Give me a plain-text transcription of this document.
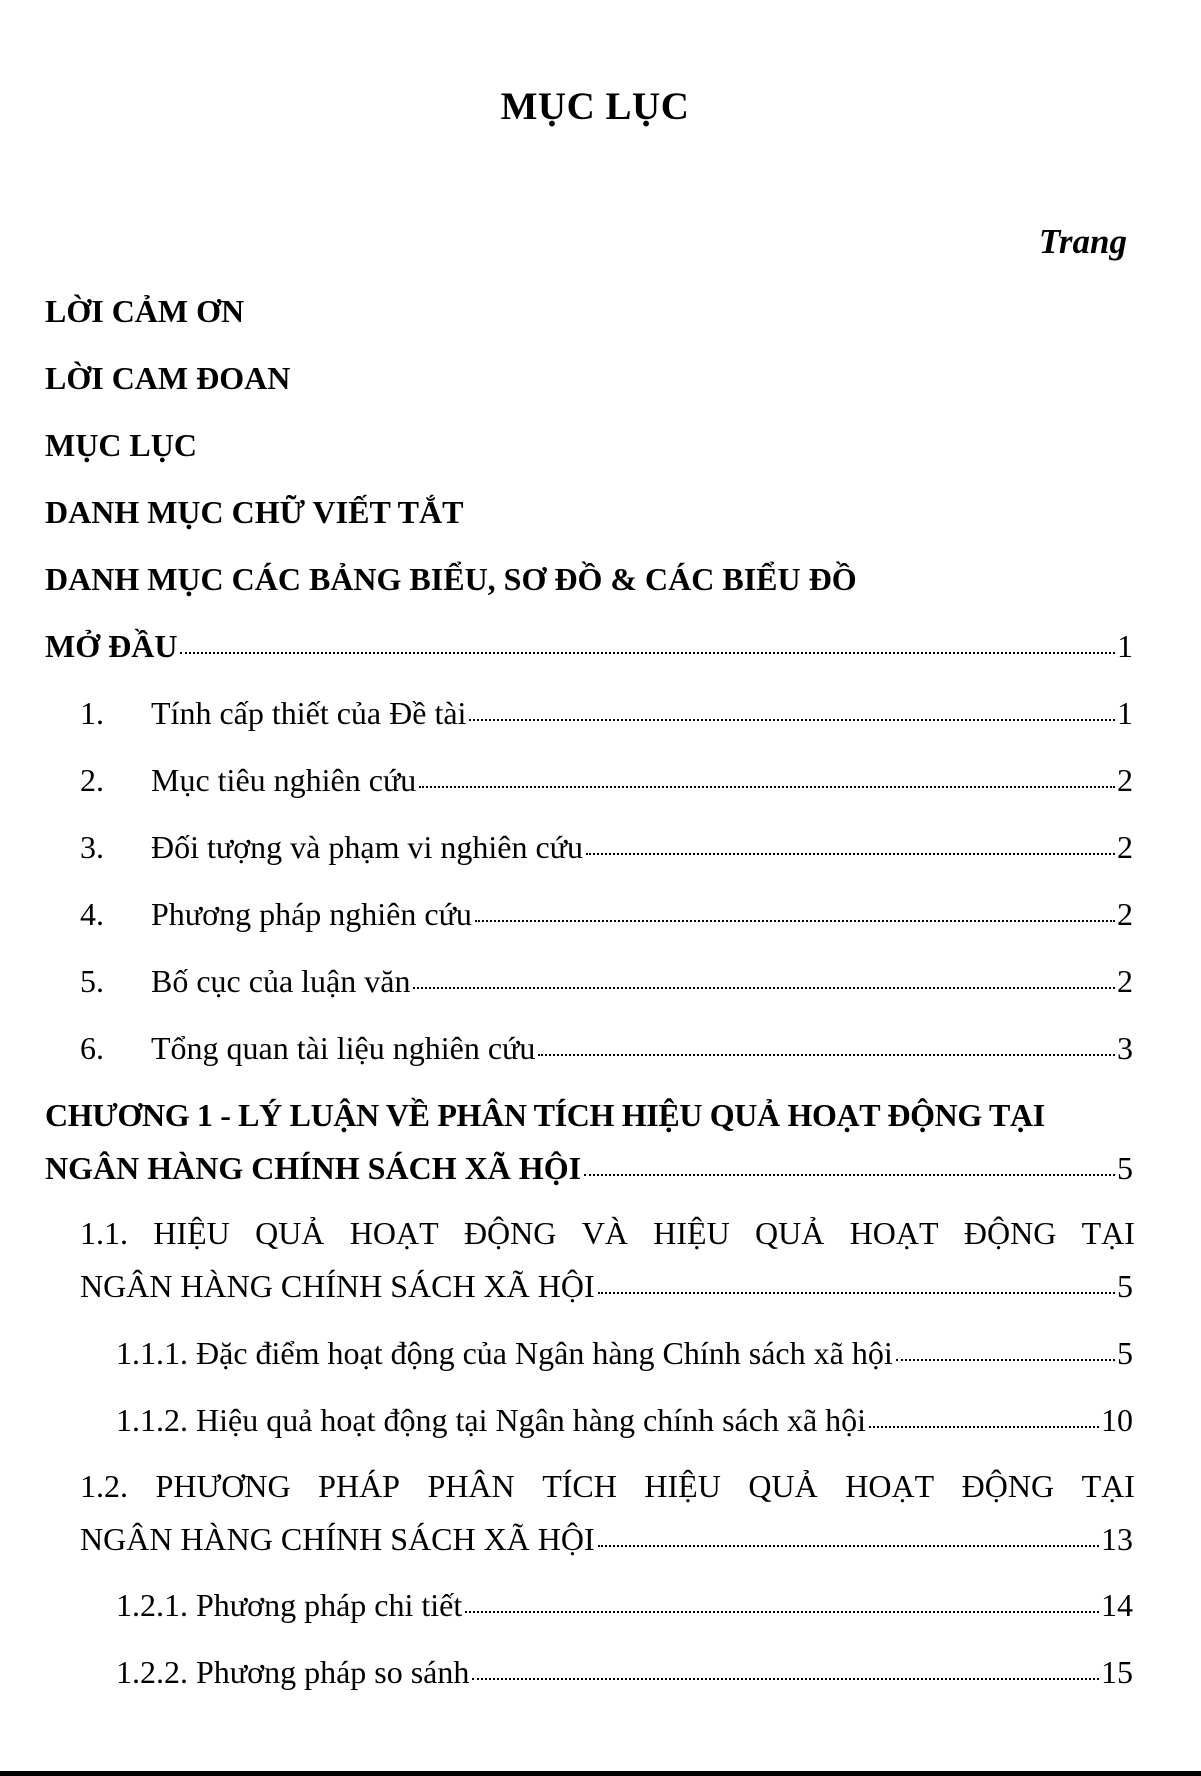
MỤC LỤC
Trang
LỜI CẢM ƠN
LỜI CAM ĐOAN
MỤC LỤC
DANH MỤC CHỮ VIẾT TẮT
DANH MỤC CÁC BẢNG BIỂU, SƠ ĐỒ & CÁC BIỂU ĐỒ
MỞ ĐẦU	1
1.	Tính cấp thiết của Đề tài	1
2.	Mục tiêu nghiên cứu	2
3.	Đối tượng và phạm vi nghiên cứu	2
4.	Phương pháp nghiên cứu	2
5.	Bố cục của luận văn	2
6.	Tổng quan tài liệu nghiên cứu	3
CHƯƠNG 1 - LÝ LUẬN VỀ PHÂN TÍCH HIỆU QUẢ HOẠT ĐỘNG TẠI
NGÂN HÀNG CHÍNH SÁCH XÃ HỘI	5
1.1. HIỆU QUẢ HOẠT ĐỘNG VÀ HIỆU QUẢ HOẠT ĐỘNG TẠI
NGÂN HÀNG CHÍNH SÁCH XÃ HỘI	5
1.1.1. Đặc điểm hoạt động của Ngân hàng Chính sách xã hội	5
1.1.2. Hiệu quả hoạt động tại Ngân hàng chính sách xã hội	10
1.2. PHƯƠNG PHÁP PHÂN TÍCH HIỆU QUẢ HOẠT ĐỘNG TẠI
NGÂN HÀNG CHÍNH SÁCH XÃ HỘI	13
1.2.1. Phương pháp chi tiết	14
1.2.2. Phương pháp so sánh	15
